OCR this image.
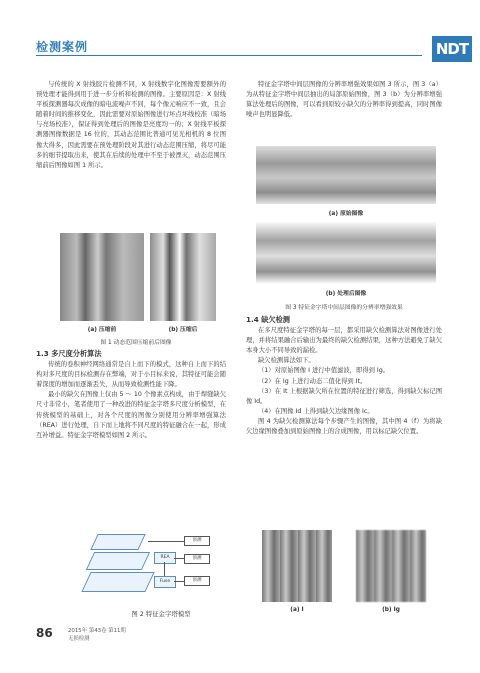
检测案例	NDT

与传统的 X 射线胶片检测不同，X 射线数字化图像需要额外的预处理才能得到用于进一步分析和检测的图像。主要原因是：X 射线平板探测器每次成像的暗电流噪声不同，每个像元响应不一致，且会随着时间的推移变化，因此需要对原始图像进行坏点坏线校准（暗场与亮场校准），保证得到处理后的图像是亮度均一的；X 射线平板探测器图像数据是 16 位的，其动态范围比普通可见光相机的 8 位图像大得多，因此需要在预处理阶段对其进行动态范围压缩，将尽可能多的细节提取出来，使其在后续的处理中不至于被湮灭，动态范围压缩前后图像如图 1 所示。

(a) 压缩前	(b) 压缩后
图 1 动态范围压缩前后图像
1.3 多尺度分析算法

传统的卷积神经网络通常是自上而下的模式，这种自上而下的结构对多尺度的目标检测存在弊端，对于小目标来说，其特征可能会随着深度的增加而逐渐丢失，从而导致检测性能下降。

最小的缺欠在图像上仅由 5 ～ 10 个像素点构成，由于焊缝缺欠尺寸非常小，笔者使用了一种改进的特征金字塔多尺度分析模型，在传统模型的基础上，对各个尺度的图像分别使用分辨率增强算法（REA）进行处理，自下而上地将不同尺度的特征融合在一起，形成互补增益。特征金字塔模型如图 2 所示。

REA
Fuse
预测
预测
预测
图 2 特征金字塔模型

特征金字塔中间层图像的分辨率增强效果如图 3 所示，图 3（a）为从特征金字塔中间层抽出的局部原始图像，图 3（b）为分辨率增强算法处理后的图像，可以看到原较小缺欠的分辨率得到提高，同时图像噪声也明显降低。

(a) 原始图像
(b) 处理后图像
图 3 特征金字塔中间层图像的分辨率增强效果
1.4 缺欠检测

在多尺度特征金字塔的每一层，都采用缺欠检测算法对图像进行处理，并将结果融合后输出为最终的缺欠检测结果，这种方法避免了缺欠本身大小不同导致的漏检。

缺欠检测算法如下。

（1）对原始图像 I 进行中值滤波，即得到 Ig。

（2）在 Ig 上进行动态二值化得到 It。

（3）在 It 上根据缺欠所在位置的特征进行筛选，得到缺欠标记图像 Id。

（4）在图像 Id 上得到缺欠边缘图像 Ic。

图 4 为缺欠检测算法每个步骤产生的图像，其中图 4（f）为将缺欠边缘图像叠加到原始图像上的合成图像，用以标记缺欠位置。

(a) I	(b) Ig
86	2015年 第43卷 第11期
无损检测
